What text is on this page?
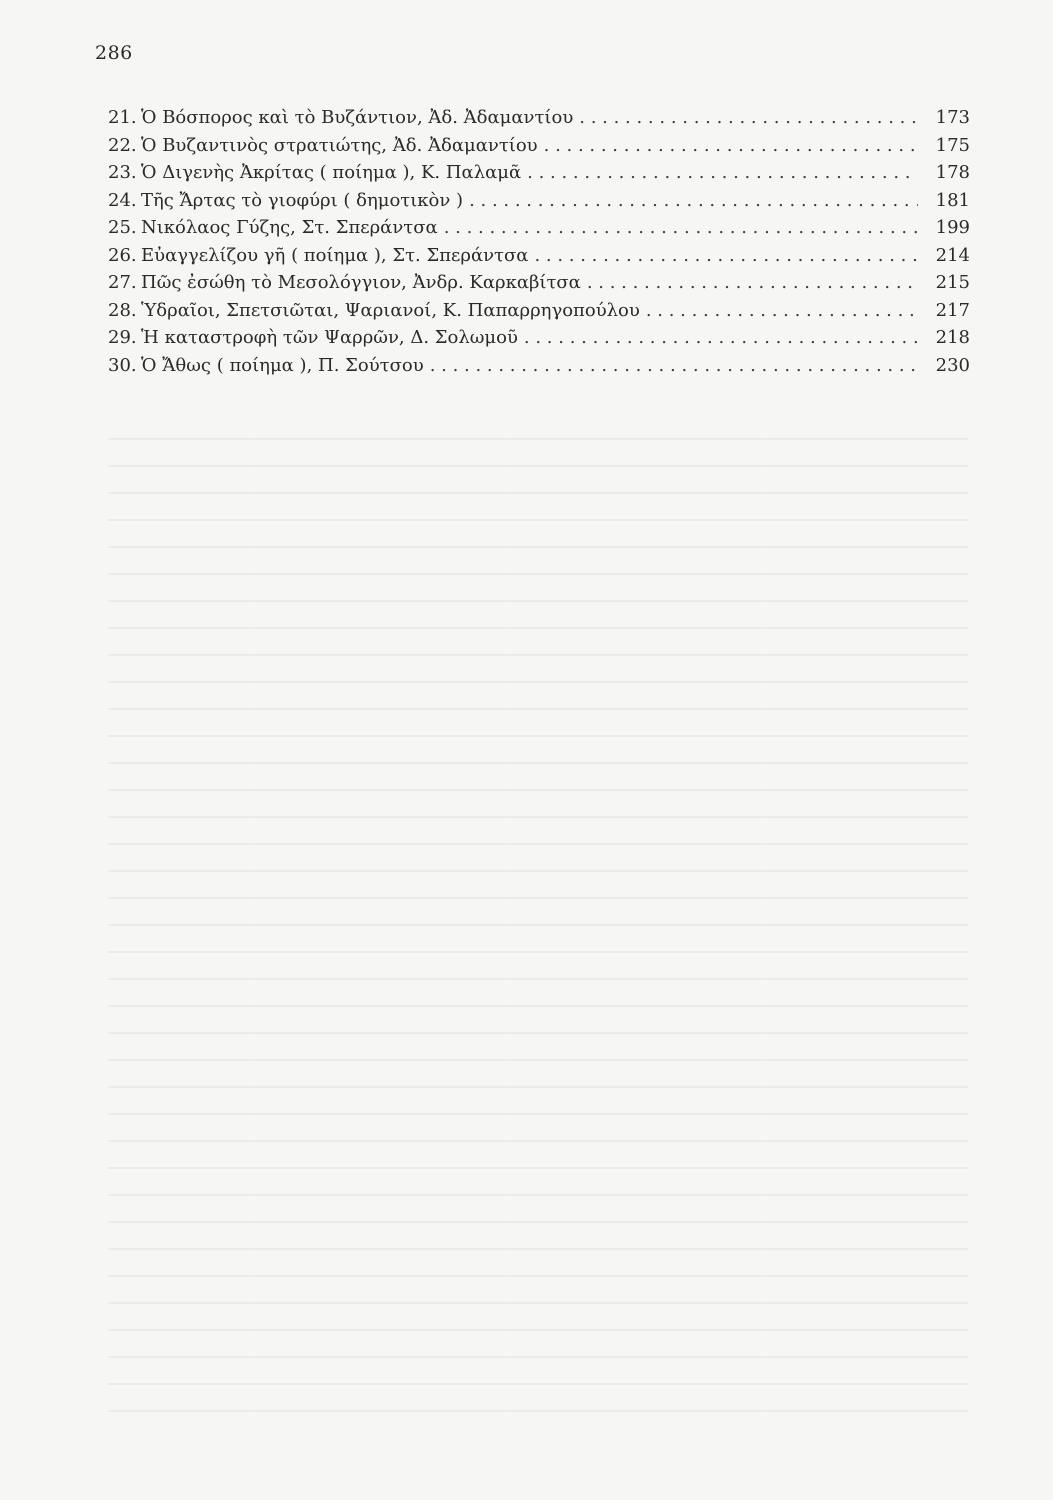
286
21. Ὁ Βόσπορος καὶ τὸ Βυζάντιον, Ἀδ. Ἀδαμαντίου . . .	173
22. Ὁ Βυζαντινὸς στρατιώτης, Ἀδ. Ἀδαμαντίου . . .	175
23. Ὁ Διγενὴς Ἀκρίτας ( ποίημα ), Κ. Παλαμᾶ . . .	178
24. Τῆς Ἄρτας τὸ γιοφύρι ( δημοτικὸν ) . . .	181
25. Νικόλαος Γύζης, Στ. Σπεράντσα . . .	199
26. Εὐαγγελίζου γῆ ( ποίημα ), Στ. Σπεράντσα . . .	214
27. Πῶς ἐσώθη τὸ Μεσολόγγιον, Ἀνδρ. Καρκαβίτσα . . .	215
28. Ὑδραῖοι, Σπετσιῶται, Ψαριανοί, Κ. Παπαρρηγοπούλου . . .	217
29. Ἡ καταστροφὴ τῶν Ψαρρῶν, Δ. Σολωμοῦ . . .	218
30. Ὁ Ἄθως ( ποίημα ), Π. Σούτσου . . .	230
